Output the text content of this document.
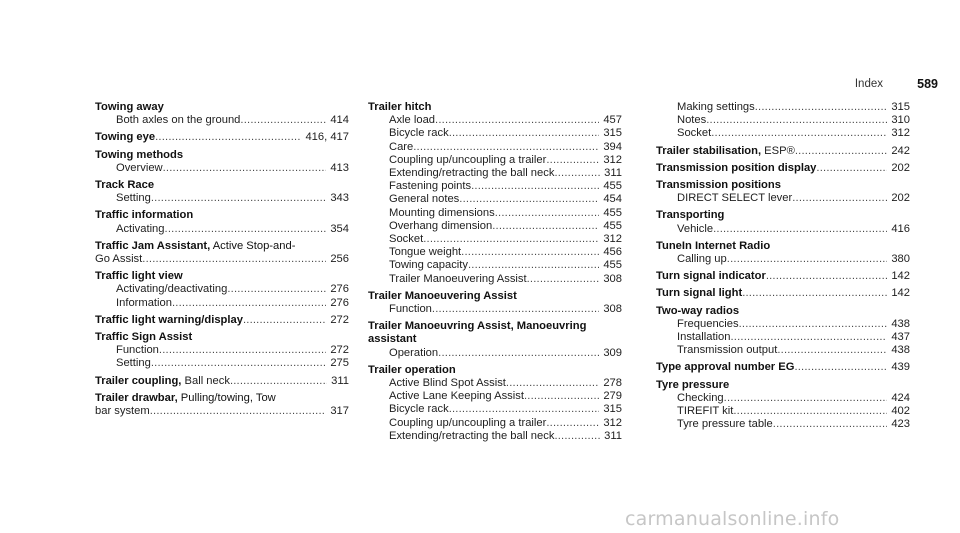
Index	589
Towing away
Both axles on the ground .....	414
Towing eye .....	416, 417
Towing methods
Overview .....	413
Track Race
Setting .....	343
Traffic information
Activating .....	354
Traffic Jam Assistant, Active Stop-and-
Go Assist .....	256
Traffic light view
Activating/deactivating .....	276
Information .....	276
Traffic light warning/display .....	272
Traffic Sign Assist
Function .....	272
Setting .....	275
Trailer coupling, Ball neck .....	311
Trailer drawbar, Pulling/towing, Tow
bar system .....	317
Trailer hitch
Axle load .....	457
Bicycle rack .....	315
Care .....	394
Coupling up/uncoupling a trailer .....	312
Extending/retracting the ball neck .....	311
Fastening points .....	455
General notes .....	454
Mounting dimensions .....	455
Overhang dimension .....	455
Socket .....	312
Tongue weight .....	456
Towing capacity .....	455
Trailer Manoeuvering Assist .....	308
Trailer Manoeuvering Assist
Function .....	308
Trailer Manoeuvring Assist, Manoeuvring
assistant
Operation .....	309
Trailer operation
Active Blind Spot Assist .....	278
Active Lane Keeping Assist .....	279
Bicycle rack .....	315
Coupling up/uncoupling a trailer .....	312
Extending/retracting the ball neck .....	311
Making settings .....	315
Notes .....	310
Socket .....	312
Trailer stabilisation, ESP® .....	242
Transmission position display .....	202
Transmission positions
DIRECT SELECT lever .....	202
Transporting
Vehicle .....	416
TuneIn Internet Radio
Calling up .....	380
Turn signal indicator .....	142
Turn signal light .....	142
Two-way radios
Frequencies .....	438
Installation .....	437
Transmission output .....	438
Type approval number EG .....	439
Tyre pressure
Checking .....	424
TIREFIT kit .....	402
Tyre pressure table .....	423
carmanualsonline.info
